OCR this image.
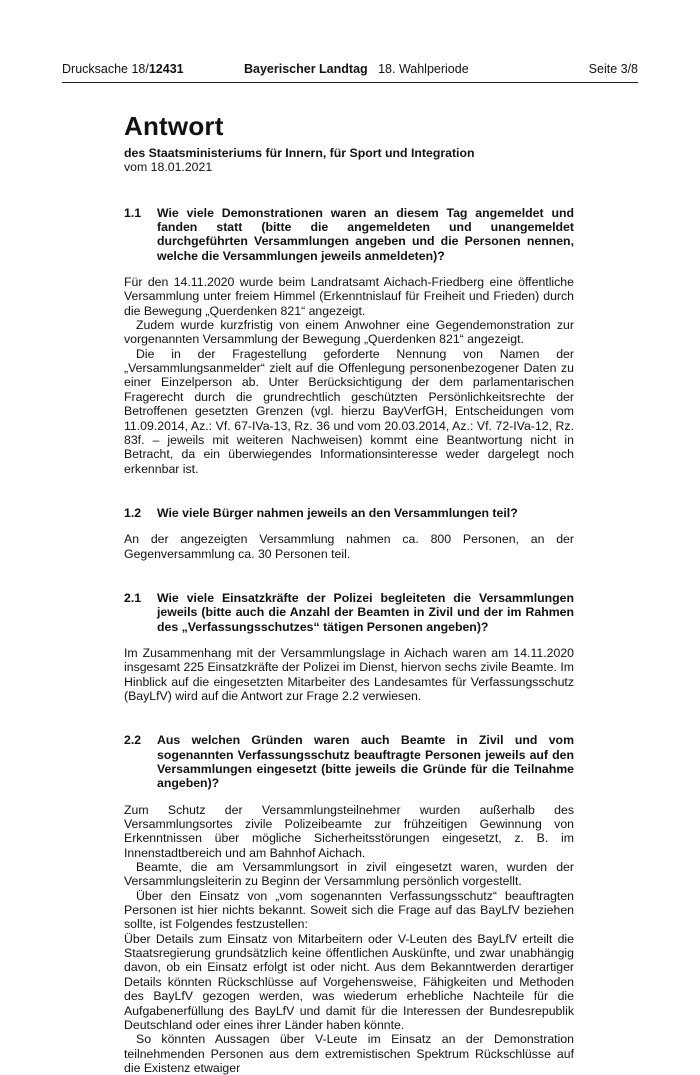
Drucksache 18/12431	Bayerischer Landtag 18. Wahlperiode	Seite 3/8
Antwort

des Staatsministeriums für Innern, für Sport und Integration

vom 18.01.2021

1.1	Wie viele Demonstrationen waren an diesem Tag angemeldet und fanden statt (bitte die angemeldeten und unangemeldet durchgeführten Versammlungen angeben und die Personen nennen, welche die Versammlungen jeweils anmeldeten)?

Für den 14.11.2020 wurde beim Landratsamt Aichach-Friedberg eine öffentliche Versammlung unter freiem Himmel (Erkenntnislauf für Freiheit und Frieden) durch die Bewegung „Querdenken 821“ angezeigt.

Zudem wurde kurzfristig von einem Anwohner eine Gegendemonstration zur vorgenannten Versammlung der Bewegung „Querdenken 821“ angezeigt.

Die in der Fragestellung geforderte Nennung von Namen der „Versammlungsanmelder“ zielt auf die Offenlegung personenbezogener Daten zu einer Einzelperson ab. Unter Berücksichtigung der dem parlamentarischen Fragerecht durch die grundrechtlich geschützten Persönlichkeitsrechte der Betroffenen gesetzten Grenzen (vgl. hierzu BayVerfGH, Entscheidungen vom 11.09.2014, Az.: Vf. 67-IVa-13, Rz. 36 und vom 20.03.2014, Az.: Vf. 72-IVa-12, Rz. 83f. – jeweils mit weiteren Nachweisen) kommt eine Beantwortung nicht in Betracht, da ein überwiegendes Informationsinteresse weder dargelegt noch erkennbar ist.

1.2	Wie viele Bürger nahmen jeweils an den Versammlungen teil?

An der angezeigten Versammlung nahmen ca. 800 Personen, an der Gegenversammlung ca. 30 Personen teil.

2.1	Wie viele Einsatzkräfte der Polizei begleiteten die Versammlungen jeweils (bitte auch die Anzahl der Beamten in Zivil und der im Rahmen des „Verfassungsschutzes“ tätigen Personen angeben)?

Im Zusammenhang mit der Versammlungslage in Aichach waren am 14.11.2020 insgesamt 225 Einsatzkräfte der Polizei im Dienst, hiervon sechs zivile Beamte. Im Hinblick auf die eingesetzten Mitarbeiter des Landesamtes für Verfassungsschutz (BayLfV) wird auf die Antwort zur Frage 2.2 verwiesen.

2.2	Aus welchen Gründen waren auch Beamte in Zivil und vom sogenannten Verfassungsschutz beauftragte Personen jeweils auf den Versammlungen eingesetzt (bitte jeweils die Gründe für die Teilnahme angeben)?

Zum Schutz der Versammlungsteilnehmer wurden außerhalb des Versammlungsortes zivile Polizeibeamte zur frühzeitigen Gewinnung von Erkenntnissen über mögliche Sicherheitsstörungen eingesetzt, z. B. im Innenstadtbereich und am Bahnhof Aichach.

Beamte, die am Versammlungsort in zivil eingesetzt waren, wurden der Versammlungsleiterin zu Beginn der Versammlung persönlich vorgestellt.

Über den Einsatz von „vom sogenannten Verfassungsschutz“ beauftragten Personen ist hier nichts bekannt. Soweit sich die Frage auf das BayLfV beziehen sollte, ist Folgendes festzustellen:

Über Details zum Einsatz von Mitarbeitern oder V-Leuten des BayLfV erteilt die Staatsregierung grundsätzlich keine öffentlichen Auskünfte, und zwar unabhängig davon, ob ein Einsatz erfolgt ist oder nicht. Aus dem Bekanntwerden derartiger Details könnten Rückschlüsse auf Vorgehensweise, Fähigkeiten und Methoden des BayLfV gezogen werden, was wiederum erhebliche Nachteile für die Aufgabenerfüllung des BayLfV und damit für die Interessen der Bundesrepublik Deutschland oder eines ihrer Länder haben könnte.

So könnten Aussagen über V-Leute im Einsatz an der Demonstration teilnehmenden Personen aus dem extremistischen Spektrum Rückschlüsse auf die Existenz etwaiger
